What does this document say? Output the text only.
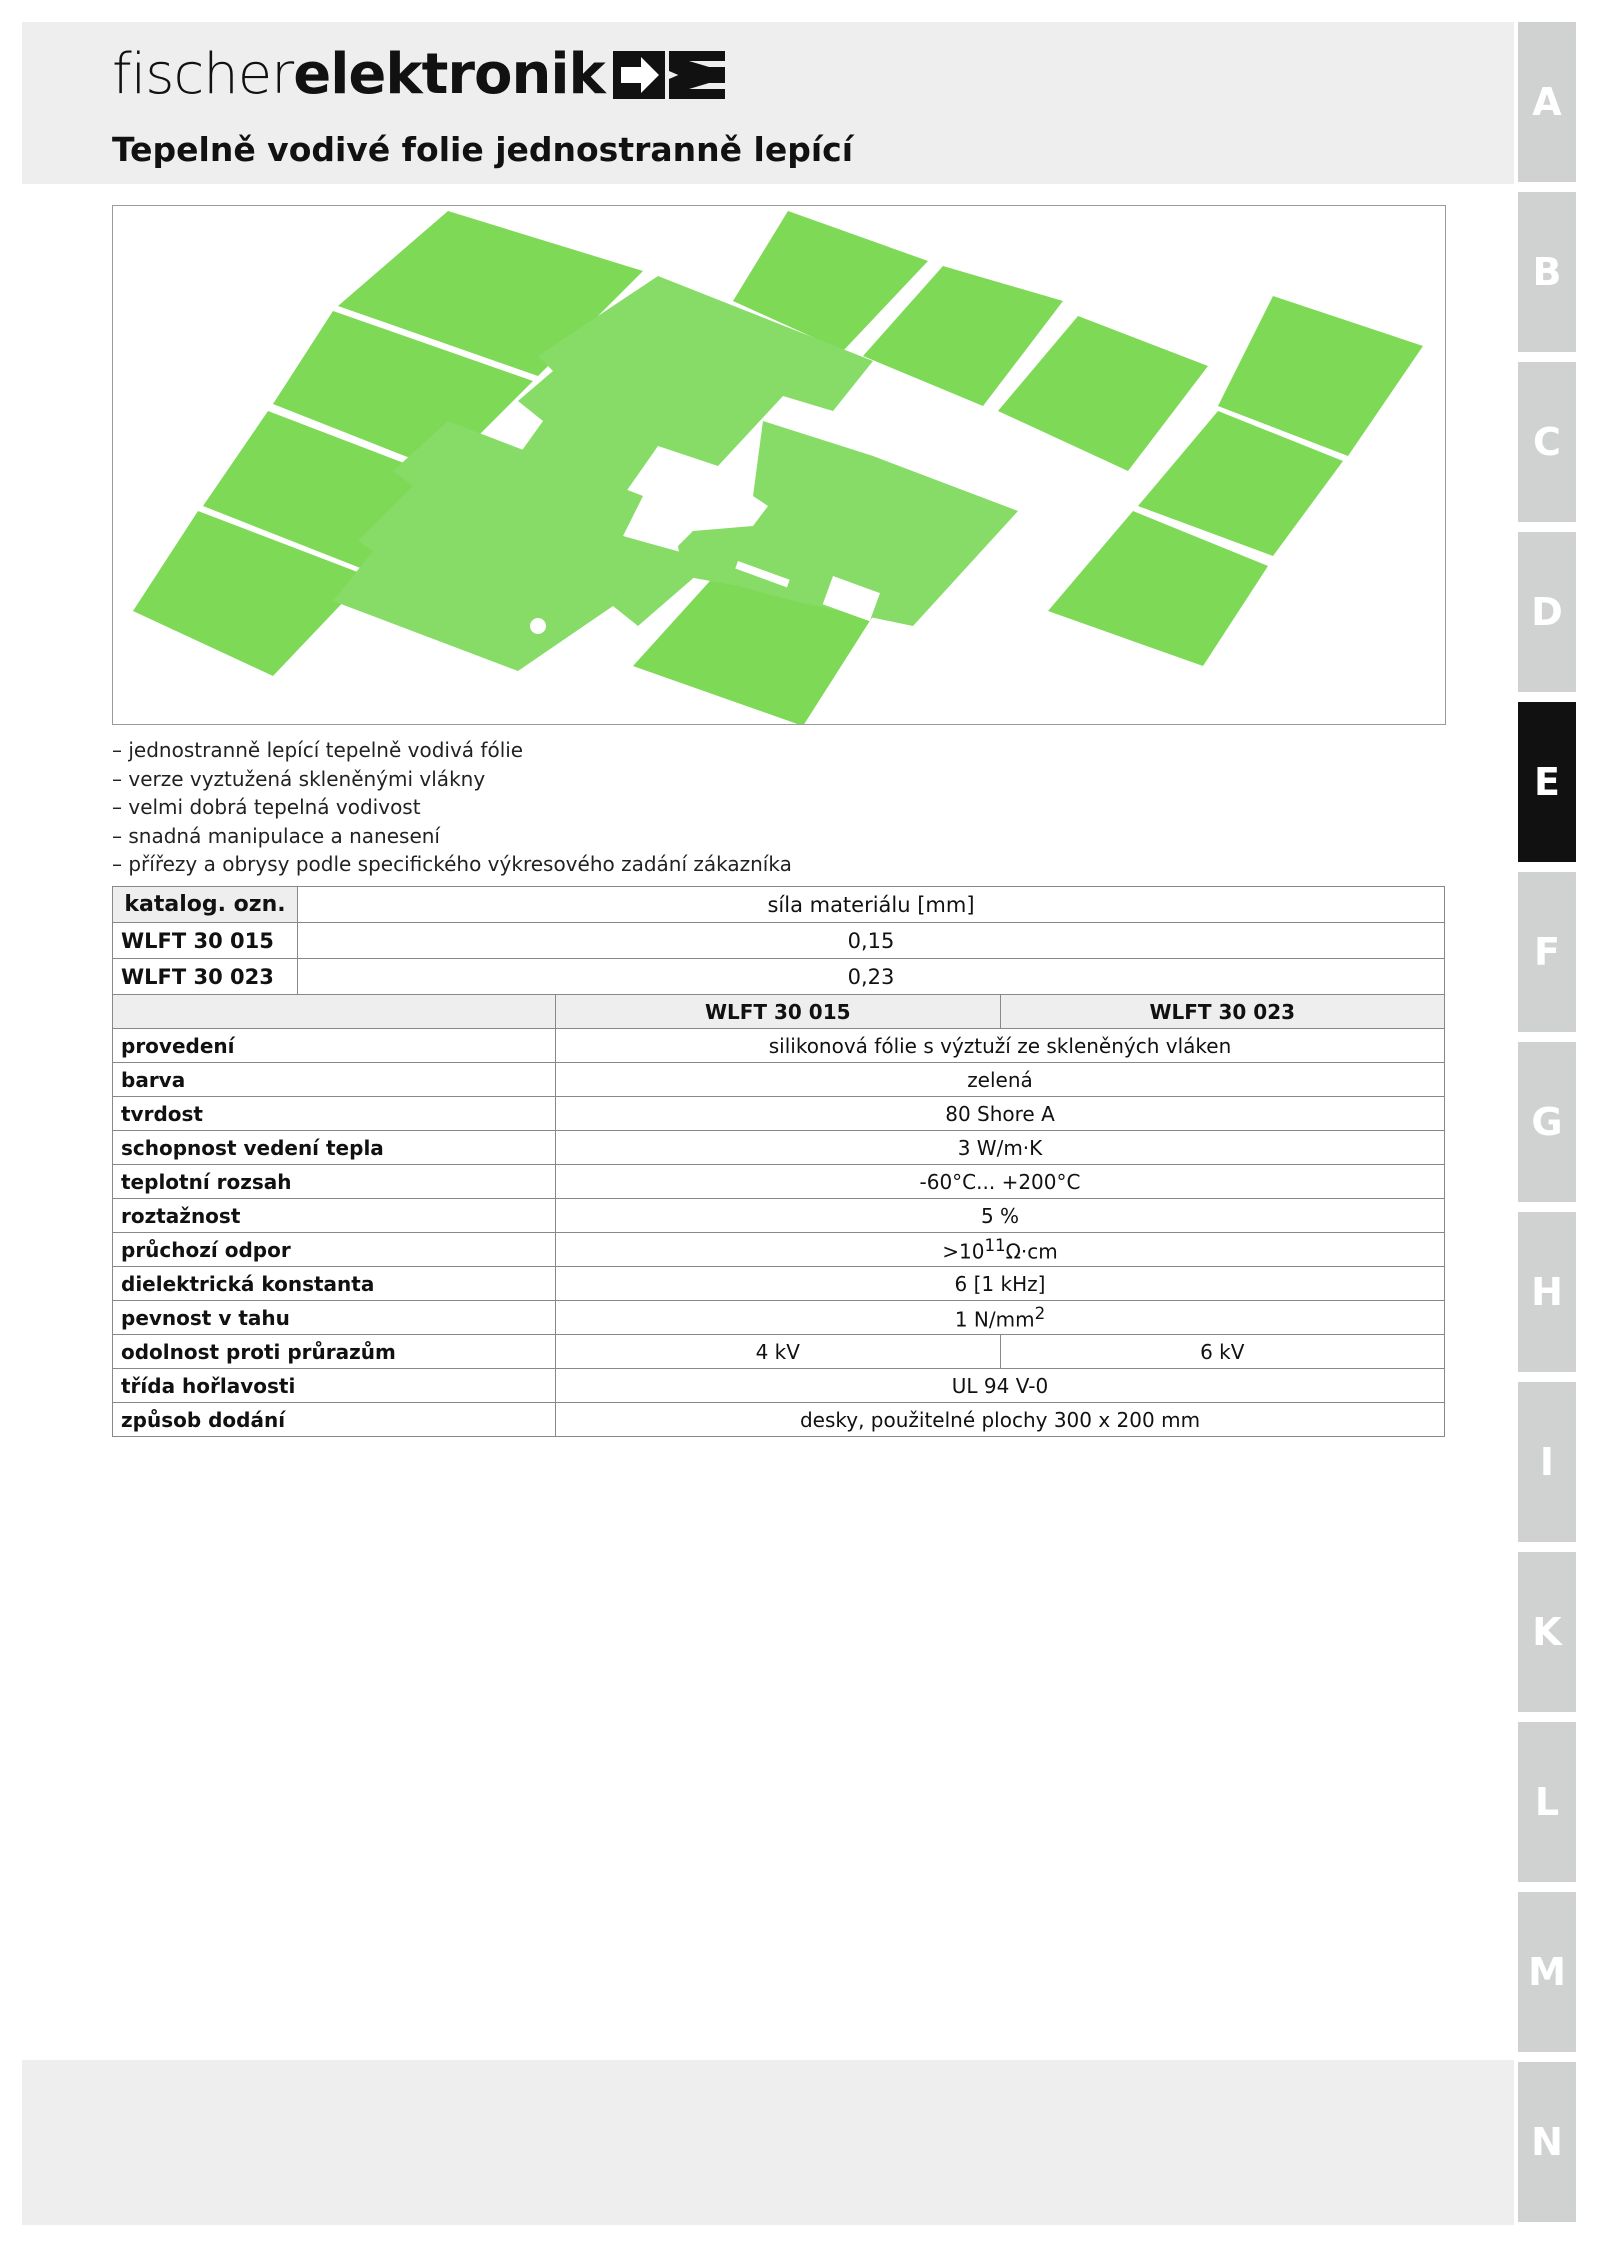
fischer elektronik
Tepelně vodivé folie jednostranně lepící
– jednostranně lepící tepelně vodivá fólie
– verze vyztužená skleněnými vlákny
– velmi dobrá tepelná vodivost
– snadná manipulace a nanesení
– přířezy a obrysy podle specifického výkresového zadání zákazníka
katalog. ozn.	síla materiálu [mm]
WLFT 30 015	0,15
WLFT 30 023	0,23
	WLFT 30 015	WLFT 30 023
provedení	silikonová fólie s výztuží ze skleněných vláken	
barva	zelená	
tvrdost	80 Shore A	
schopnost vedení tepla	3 W/m·K	
teplotní rozsah	-60°C... +200°C	
roztažnost	5 %	
průchozí odpor	$>10^{11}\Omega\cdot cm$	
dielektrická konstanta	6 [1 kHz]	
pevnost v tahu	1 $N/mm^2$
odolnost proti průrazům	4 kV	6 kV
třída hořlavosti	UL 94 V-0	
způsob dodání	desky, použitelné plochy 300 x 200 mm	
A
B
C
D
E
F
G
H
I
K
L
M
N
